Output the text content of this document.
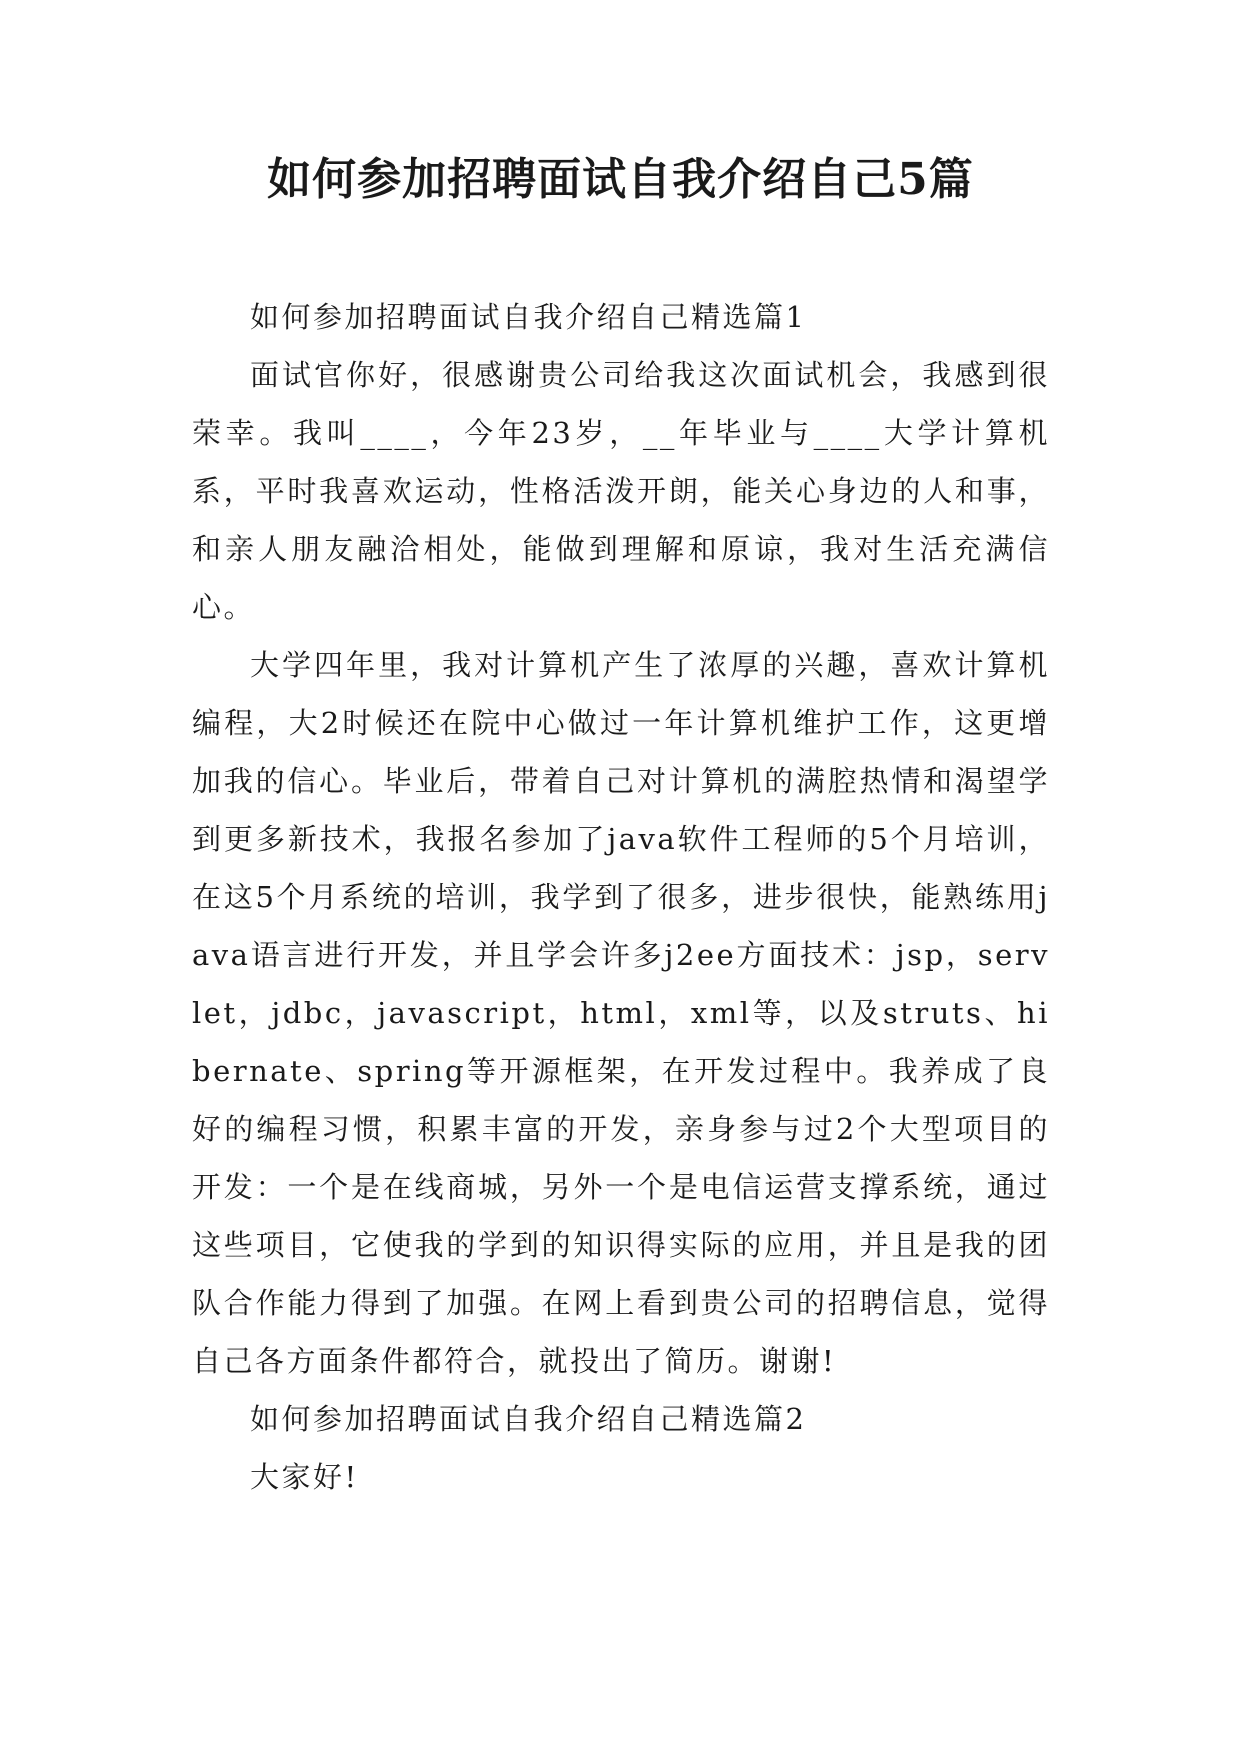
如何参加招聘面试自我介绍自己5篇

如何参加招聘面试自我介绍自己精选篇1

面试官你好，很感谢贵公司给我这次面试机会，我感到很荣幸。我叫____，今年23岁，__年毕业与____大学计算机系，平时我喜欢运动，性格活泼开朗，能关心身边的人和事，和亲人朋友融洽相处，能做到理解和原谅，我对生活充满信心。

大学四年里，我对计算机产生了浓厚的兴趣，喜欢计算机编程，大2时候还在院中心做过一年计算机维护工作，这更增加我的信心。毕业后，带着自己对计算机的满腔热情和渴望学到更多新技术，我报名参加了java软件工程师的5个月培训，在这5个月系统的培训，我学到了很多，进步很快，能熟练用java语言进行开发，并且学会许多j2ee方面技术：jsp，servlet，jdbc，javascript，html，xml等，以及struts、hibernate、spring等开源框架，在开发过程中。我养成了良好的编程习惯，积累丰富的开发，亲身参与过2个大型项目的开发：一个是在线商城，另外一个是电信运营支撑系统，通过这些项目，它使我的学到的知识得实际的应用，并且是我的团队合作能力得到了加强。在网上看到贵公司的招聘信息，觉得自己各方面条件都符合，就投出了简历。谢谢!

如何参加招聘面试自我介绍自己精选篇2

大家好!
